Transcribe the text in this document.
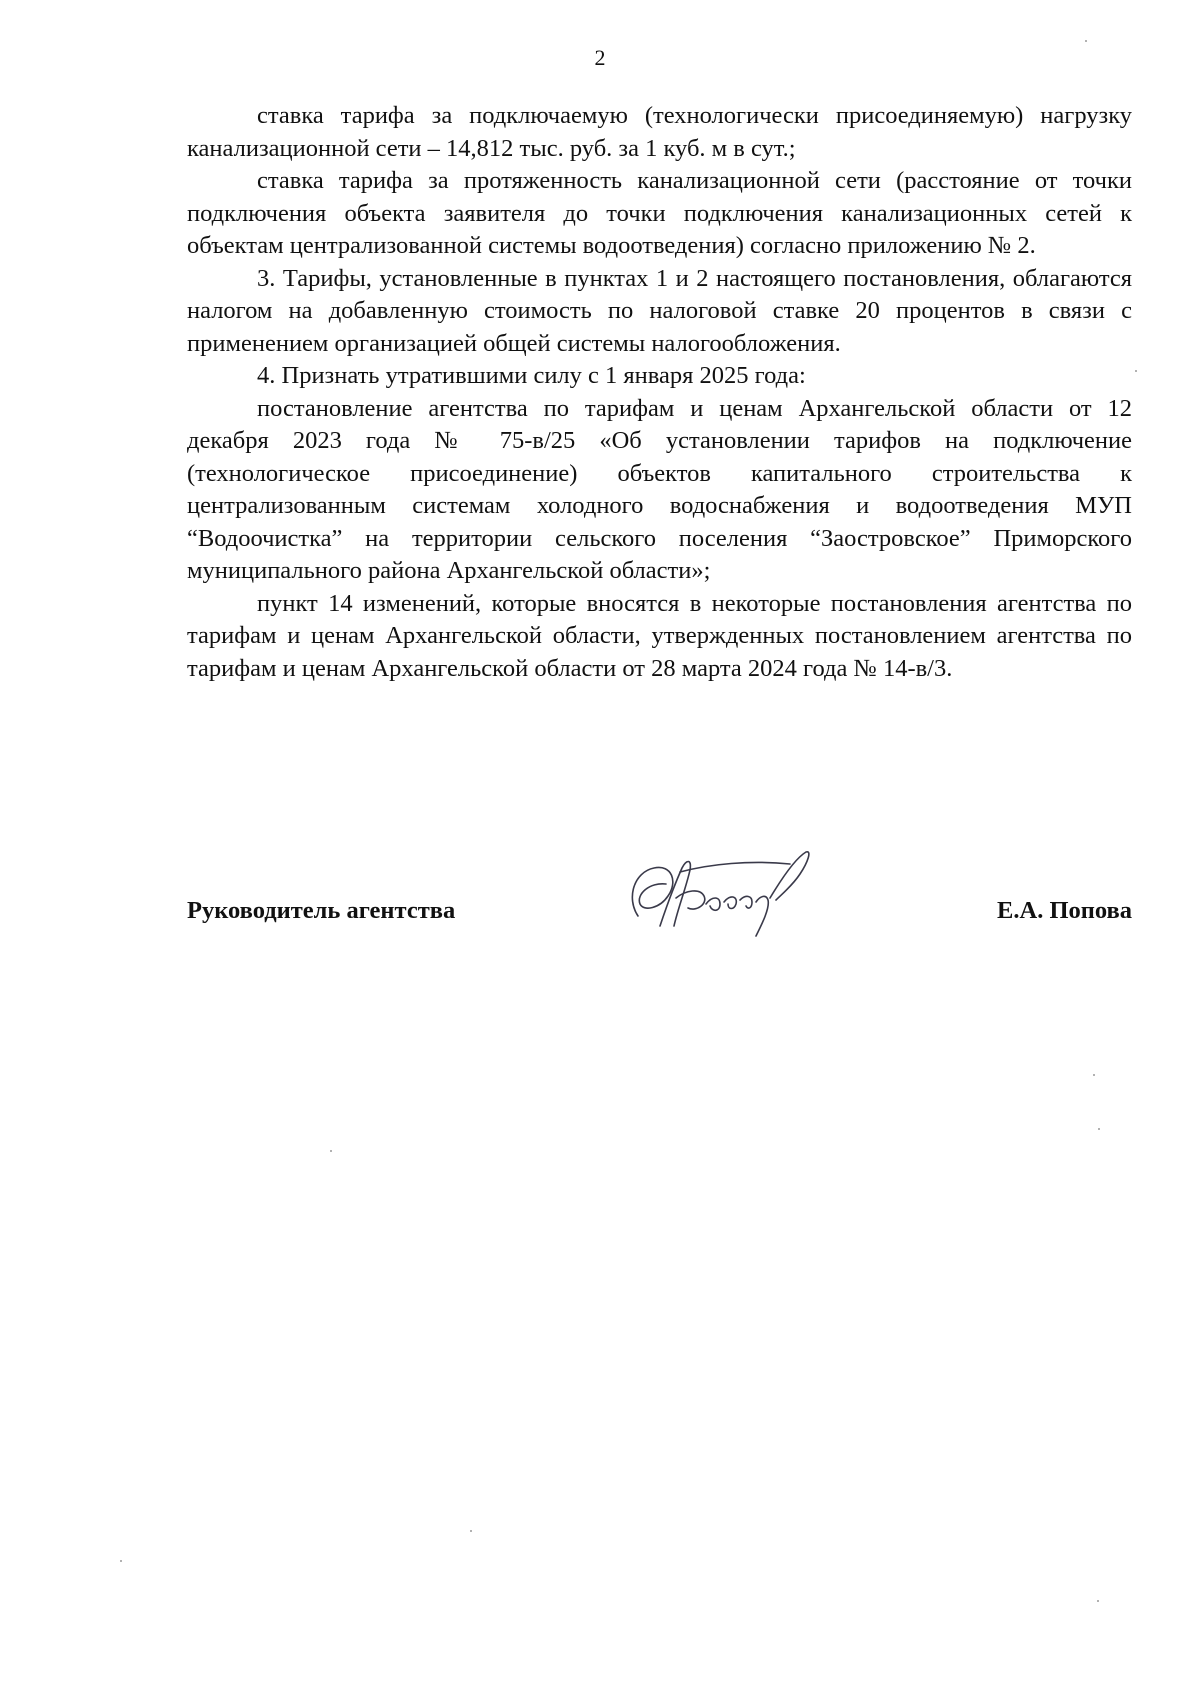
2

ставка тарифа за подключаемую (технологически присоединяемую) нагрузку канализационной сети – 14,812 тыс. руб. за 1 куб. м в сут.;

ставка тарифа за протяженность канализационной сети (расстояние от точки подключения объекта заявителя до точки подключения канализационных сетей к объектам централизованной системы водоотведения) согласно приложению № 2.

3. Тарифы, установленные в пунктах 1 и 2 настоящего постановления, облагаются налогом на добавленную стоимость по налоговой ставке 20 процентов в связи с применением организацией общей системы налогообложения.

4. Признать утратившими силу с 1 января 2025 года:

постановление агентства по тарифам и ценам Архангельской области от 12 декабря 2023 года № 75-в/25 «Об установлении тарифов на подключение (технологическое присоединение) объектов капитального строительства к централизованным системам холодного водоснабжения и водоотведения МУП “Водоочистка” на территории сельского поселения “Заостровское” Приморского муниципального района Архангельской области»;

пункт 14 изменений, которые вносятся в некоторые постановления агентства по тарифам и ценам Архангельской области, утвержденных постановлением агентства по тарифам и ценам Архангельской области от 28 марта 2024 года № 14-в/3.

Руководитель агентства	Е.А. Попова
